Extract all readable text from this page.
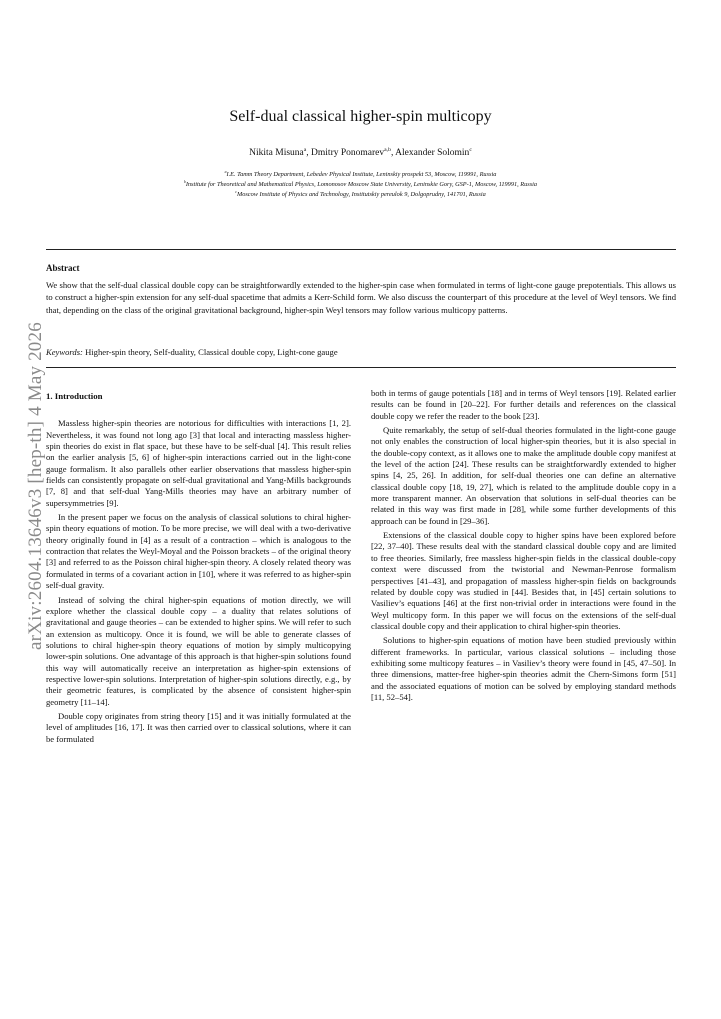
arXiv:2604.13646v3 [hep-th] 4 May 2026
Self-dual classical higher-spin multicopy
Nikita Misuna$^a$, Dmitry Ponomarev$^{a,b}$, Alexander Solomin$^c$
$^a$I.E. Tamm Theory Department, Lebedev Physical Institute, Leninskiy prospekt 53, Moscow, 119991, Russia
$^b$Institute for Theoretical and Mathematical Physics, Lomonosov Moscow State University, Leninskie Gory, GSP-1, Moscow, 119991, Russia
$^c$Moscow Institute of Physics and Technology, Institutskiy pereulok 9, Dolgoprudny, 141701, Russia
Abstract
We show that the self-dual classical double copy can be straightforwardly extended to the higher-spin case when formulated in terms of light-cone gauge prepotentials. This allows us to construct a higher-spin extension for any self-dual spacetime that admits a Kerr-Schild form. We also discuss the counterpart of this procedure at the level of Weyl tensors. We find that, depending on the class of the original gravitational background, higher-spin Weyl tensors may follow various multicopy patterns.
Keywords: Higher-spin theory, Self-duality, Classical double copy, Light-cone gauge
1. Introduction

Massless higher-spin theories are notorious for difficulties with interactions [1, 2]. Nevertheless, it was found not long ago [3] that local and interacting massless higher-spin theories do exist in flat space, but these have to be self-dual [4]. This result relies on the earlier analysis [5, 6] of higher-spin interactions carried out in the light-cone gauge formalism. It also parallels other earlier observations that massless higher-spin fields can consistently propagate on self-dual gravitational and Yang-Mills backgrounds [7, 8] and that self-dual Yang-Mills theories may have an arbitrary number of supersymmetries [9].

In the present paper we focus on the analysis of classical solutions to chiral higher-spin theory equations of motion. To be more precise, we will deal with a two-derivative theory originally found in [4] as a result of a contraction – which is analogous to the contraction that relates the Weyl-Moyal and the Poisson brackets – of the original theory [3] and referred to as the Poisson chiral higher-spin theory. A closely related theory was formulated in terms of a covariant action in [10], where it was referred to as higher-spin self-dual gravity.

Instead of solving the chiral higher-spin equations of motion directly, we will explore whether the classical double copy – a duality that relates solutions of gravitational and gauge theories – can be extended to higher spins. We will refer to such an extension as multicopy. Once it is found, we will be able to generate classes of solutions to chiral higher-spin theory equations of motion by simply multicopying lower-spin solutions. One advantage of this approach is that higher-spin solutions found this way will automatically receive an interpretation as higher-spin extensions of respective lower-spin solutions. Interpretation of higher-spin solutions directly, e.g., by their geometric features, is complicated by the absence of consistent higher-spin geometry [11–14].

Double copy originates from string theory [15] and it was initially formulated at the level of amplitudes [16, 17]. It was then carried over to classical solutions, where it can be formulated

both in terms of gauge potentials [18] and in terms of Weyl tensors [19]. Related earlier results can be found in [20–22]. For further details and references on the classical double copy we refer the reader to the book [23].

Quite remarkably, the setup of self-dual theories formulated in the light-cone gauge not only enables the construction of local higher-spin theories, but it is also special in the double-copy context, as it allows one to make the amplitude double copy manifest at the level of the action [24]. These results can be straightforwardly extended to higher spins [4, 25, 26]. In addition, for self-dual theories one can define an alternative classical double copy [18, 19, 27], which is related to the amplitude double copy in a more transparent manner. An observation that solutions in self-dual theories can be related in this way was first made in [28], while some further developments of this approach can be found in [29–36].

Extensions of the classical double copy to higher spins have been explored before [22, 37–40]. These results deal with the standard classical double copy and are limited to free theories. Similarly, free massless higher-spin fields in the classical double-copy context were discussed from the twistorial and Newman-Penrose formalism perspectives [41–43], and propagation of massless higher-spin fields on backgrounds related by double copy was studied in [44]. Besides that, in [45] certain solutions to Vasiliev’s equations [46] at the first non-trivial order in interactions were found in the Weyl multicopy form. In this paper we will focus on the extensions of the self-dual classical double copy and their application to chiral higher-spin theories.

Solutions to higher-spin equations of motion have been studied previously within different frameworks. In particular, various classical solutions – including those exhibiting some multicopy features – in Vasiliev’s theory were found in [45, 47–50]. In three dimensions, matter-free higher-spin theories admit the Chern-Simons form [51] and the associated equations of motion can be solved by employing standard methods [11, 52–54].
